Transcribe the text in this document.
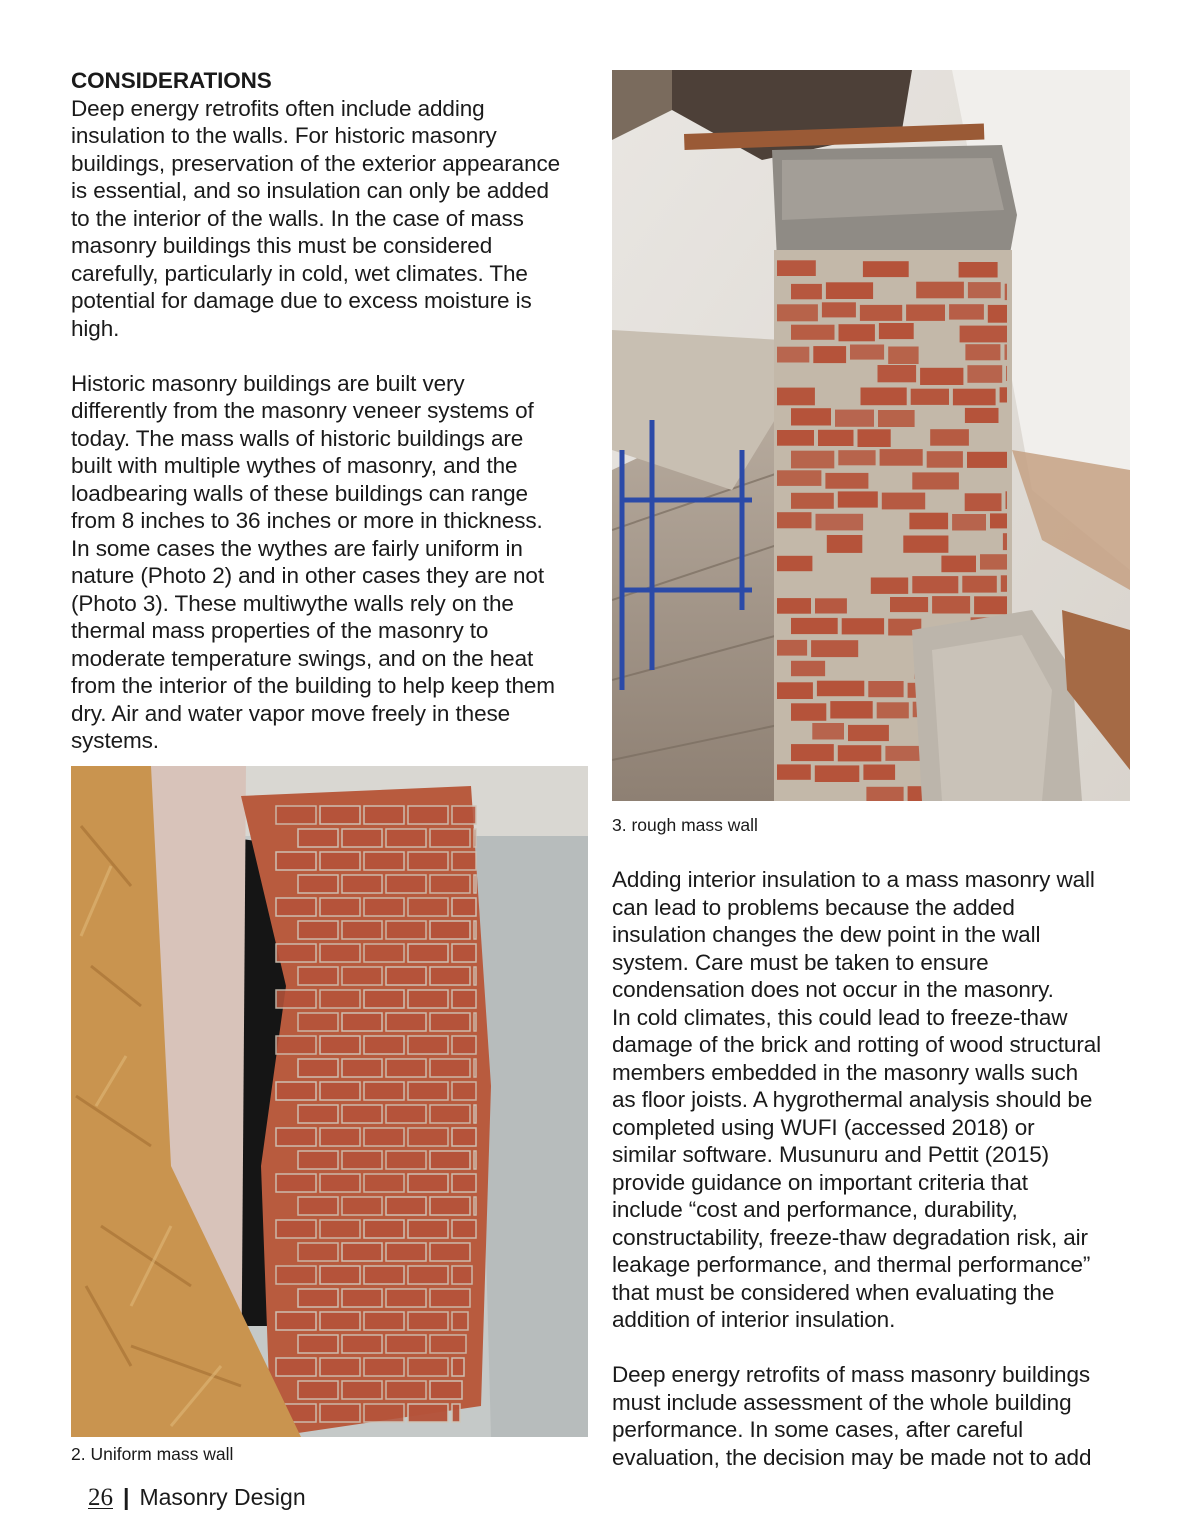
CONSIDERATIONS

Deep energy retrofits often include adding

insulation to the walls. For historic masonry

buildings, preservation of the exterior appearance

is essential, and so insulation can only be added

to the interior of the walls. In the case of mass

masonry buildings this must be considered

carefully, particularly in cold, wet climates. The

potential for damage due to excess moisture is

high.

Historic masonry buildings are built very

differently from the masonry veneer systems of

today. The mass walls of historic buildings are

built with multiple wythes of masonry, and the

loadbearing walls of these buildings can range

from 8 inches to 36 inches or more in thickness.

In some cases the wythes are fairly uniform in

nature (Photo 2) and in other cases they are not

(Photo 3). These multiwythe walls rely on the

thermal mass properties of the masonry to

moderate temperature swings, and on the heat

from the interior of the building to help keep them

dry. Air and water vapor move freely in these

systems.

3. rough mass wall
2. Uniform mass wall

Adding interior insulation to a mass masonry wall

can lead to problems because the added

insulation changes the dew point in the wall

system. Care must be taken to ensure

condensation does not occur in the masonry.

In cold climates, this could lead to freeze-thaw

damage of the brick and rotting of wood structural

members embedded in the masonry walls such

as floor joists. A hygrothermal analysis should be

completed using WUFI (accessed 2018) or

similar software. Musunuru and Pettit (2015)

provide guidance on important criteria that

include “cost and performance, durability,

constructability, freeze-thaw degradation risk, air

leakage performance, and thermal performance”

that must be considered when evaluating the

addition of interior insulation.

Deep energy retrofits of mass masonry buildings

must include assessment of the whole building

performance. In some cases, after careful

evaluation, the decision may be made not to add

26 | Masonry Design
